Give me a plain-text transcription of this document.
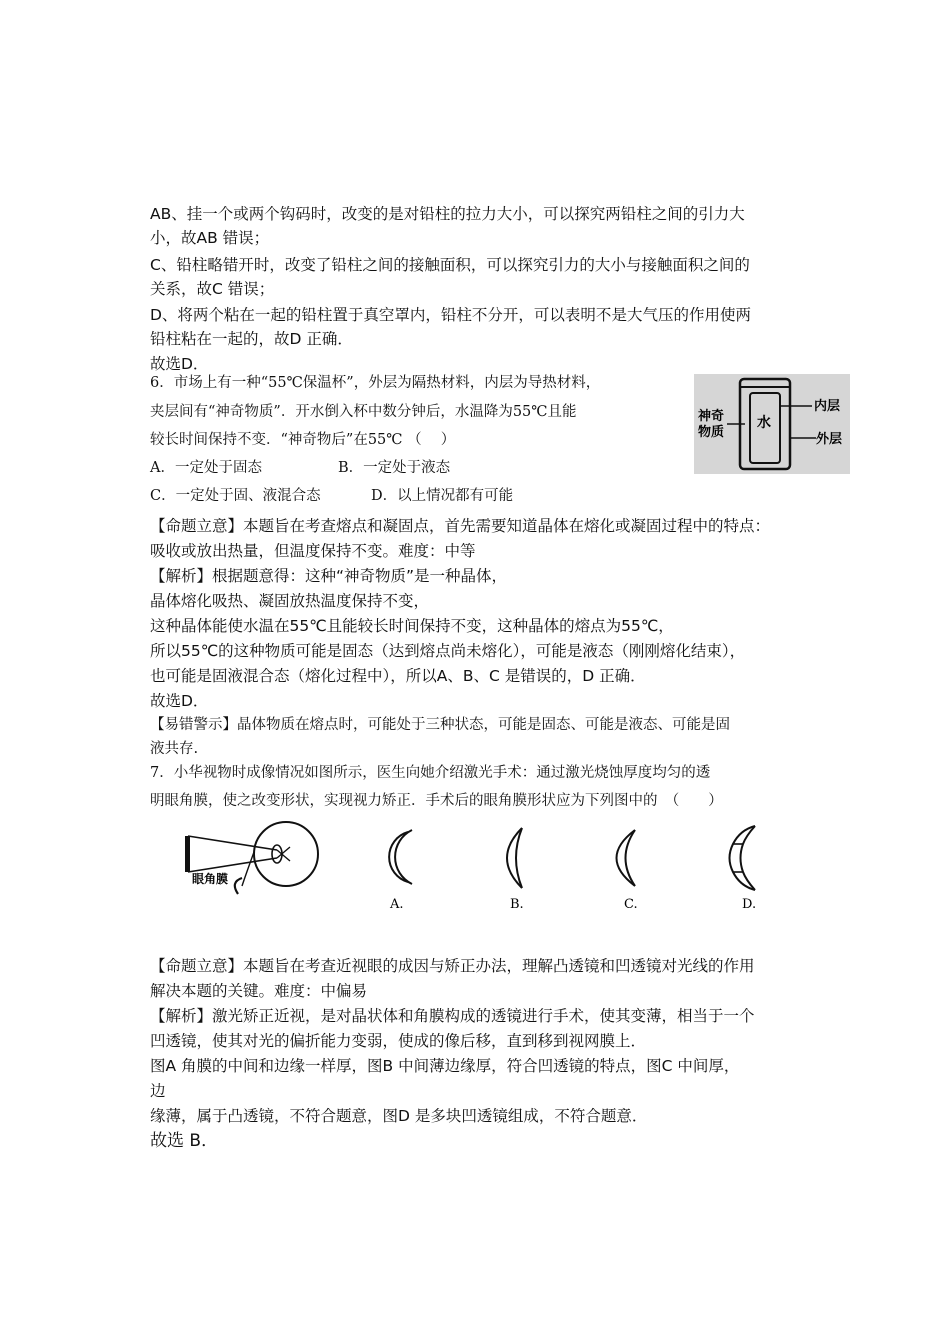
AB、挂一个或两个钩码时，改变的是对铅柱的拉力大小，可以探究两铅柱之间的引力大
小，故AB 错误；
C、铅柱略错开时，改变了铅柱之间的接触面积，可以探究引力的大小与接触面积之间的
关系，故C 错误；
D、将两个粘在一起的铅柱置于真空罩内，铅柱不分开，可以表明不是大气压的作用使两
铅柱粘在一起的，故D 正确．
故选D．
6．市场上有一种“55℃保温杯”，外层为隔热材料，内层为导热材料，
夹层间有“神奇物质”．开水倒入杯中数分钟后，水温降为55℃且能
较长时间保持不变．“神奇物后”在55℃ （　 ）
A．一定处于固态	B．一定处于液态
C．一定处于固、液混合态	D．以上情况都有可能
神奇
物质
水
内层
外层
【命题立意】本题旨在考查熔点和凝固点，首先需要知道晶体在熔化或凝固过程中的特点：
吸收或放出热量，但温度保持不变。难度：中等
【解析】根据题意得：这种“神奇物质”是一种晶体，
晶体熔化吸热、凝固放热温度保持不变，
这种晶体能使水温在55℃且能较长时间保持不变，这种晶体的熔点为55℃，
所以55℃的这种物质可能是固态（达到熔点尚未熔化），可能是液态（刚刚熔化结束），
也可能是固液混合态（熔化过程中），所以A、B、C 是错误的，D 正确．
故选D．
【易错警示】晶体物质在熔点时，可能处于三种状态，可能是固态、可能是液态、可能是固
液共存.
7．小华视物时成像情况如图所示，医生向她介绍激光手术：通过激光烧蚀厚度均匀的透
明眼角膜，使之改变形状，实现视力矫正．手术后的眼角膜形状应为下列图中的　（　　）
眼角膜
A.	B.	C.	D.
【命题立意】本题旨在考查近视眼的成因与矫正办法，理解凸透镜和凹透镜对光线的作用
解决本题的关键。难度：中偏易
【解析】激光矫正近视，是对晶状体和角膜构成的透镜进行手术，使其变薄，相当于一个
凹透镜，使其对光的偏折能力变弱，使成的像后移，直到移到视网膜上．
图A 角膜的中间和边缘一样厚，图B 中间薄边缘厚，符合凹透镜的特点，图C 中间厚，
边
缘薄，属于凸透镜，不符合题意，图D 是多块凹透镜组成，不符合题意．
故选 B．
